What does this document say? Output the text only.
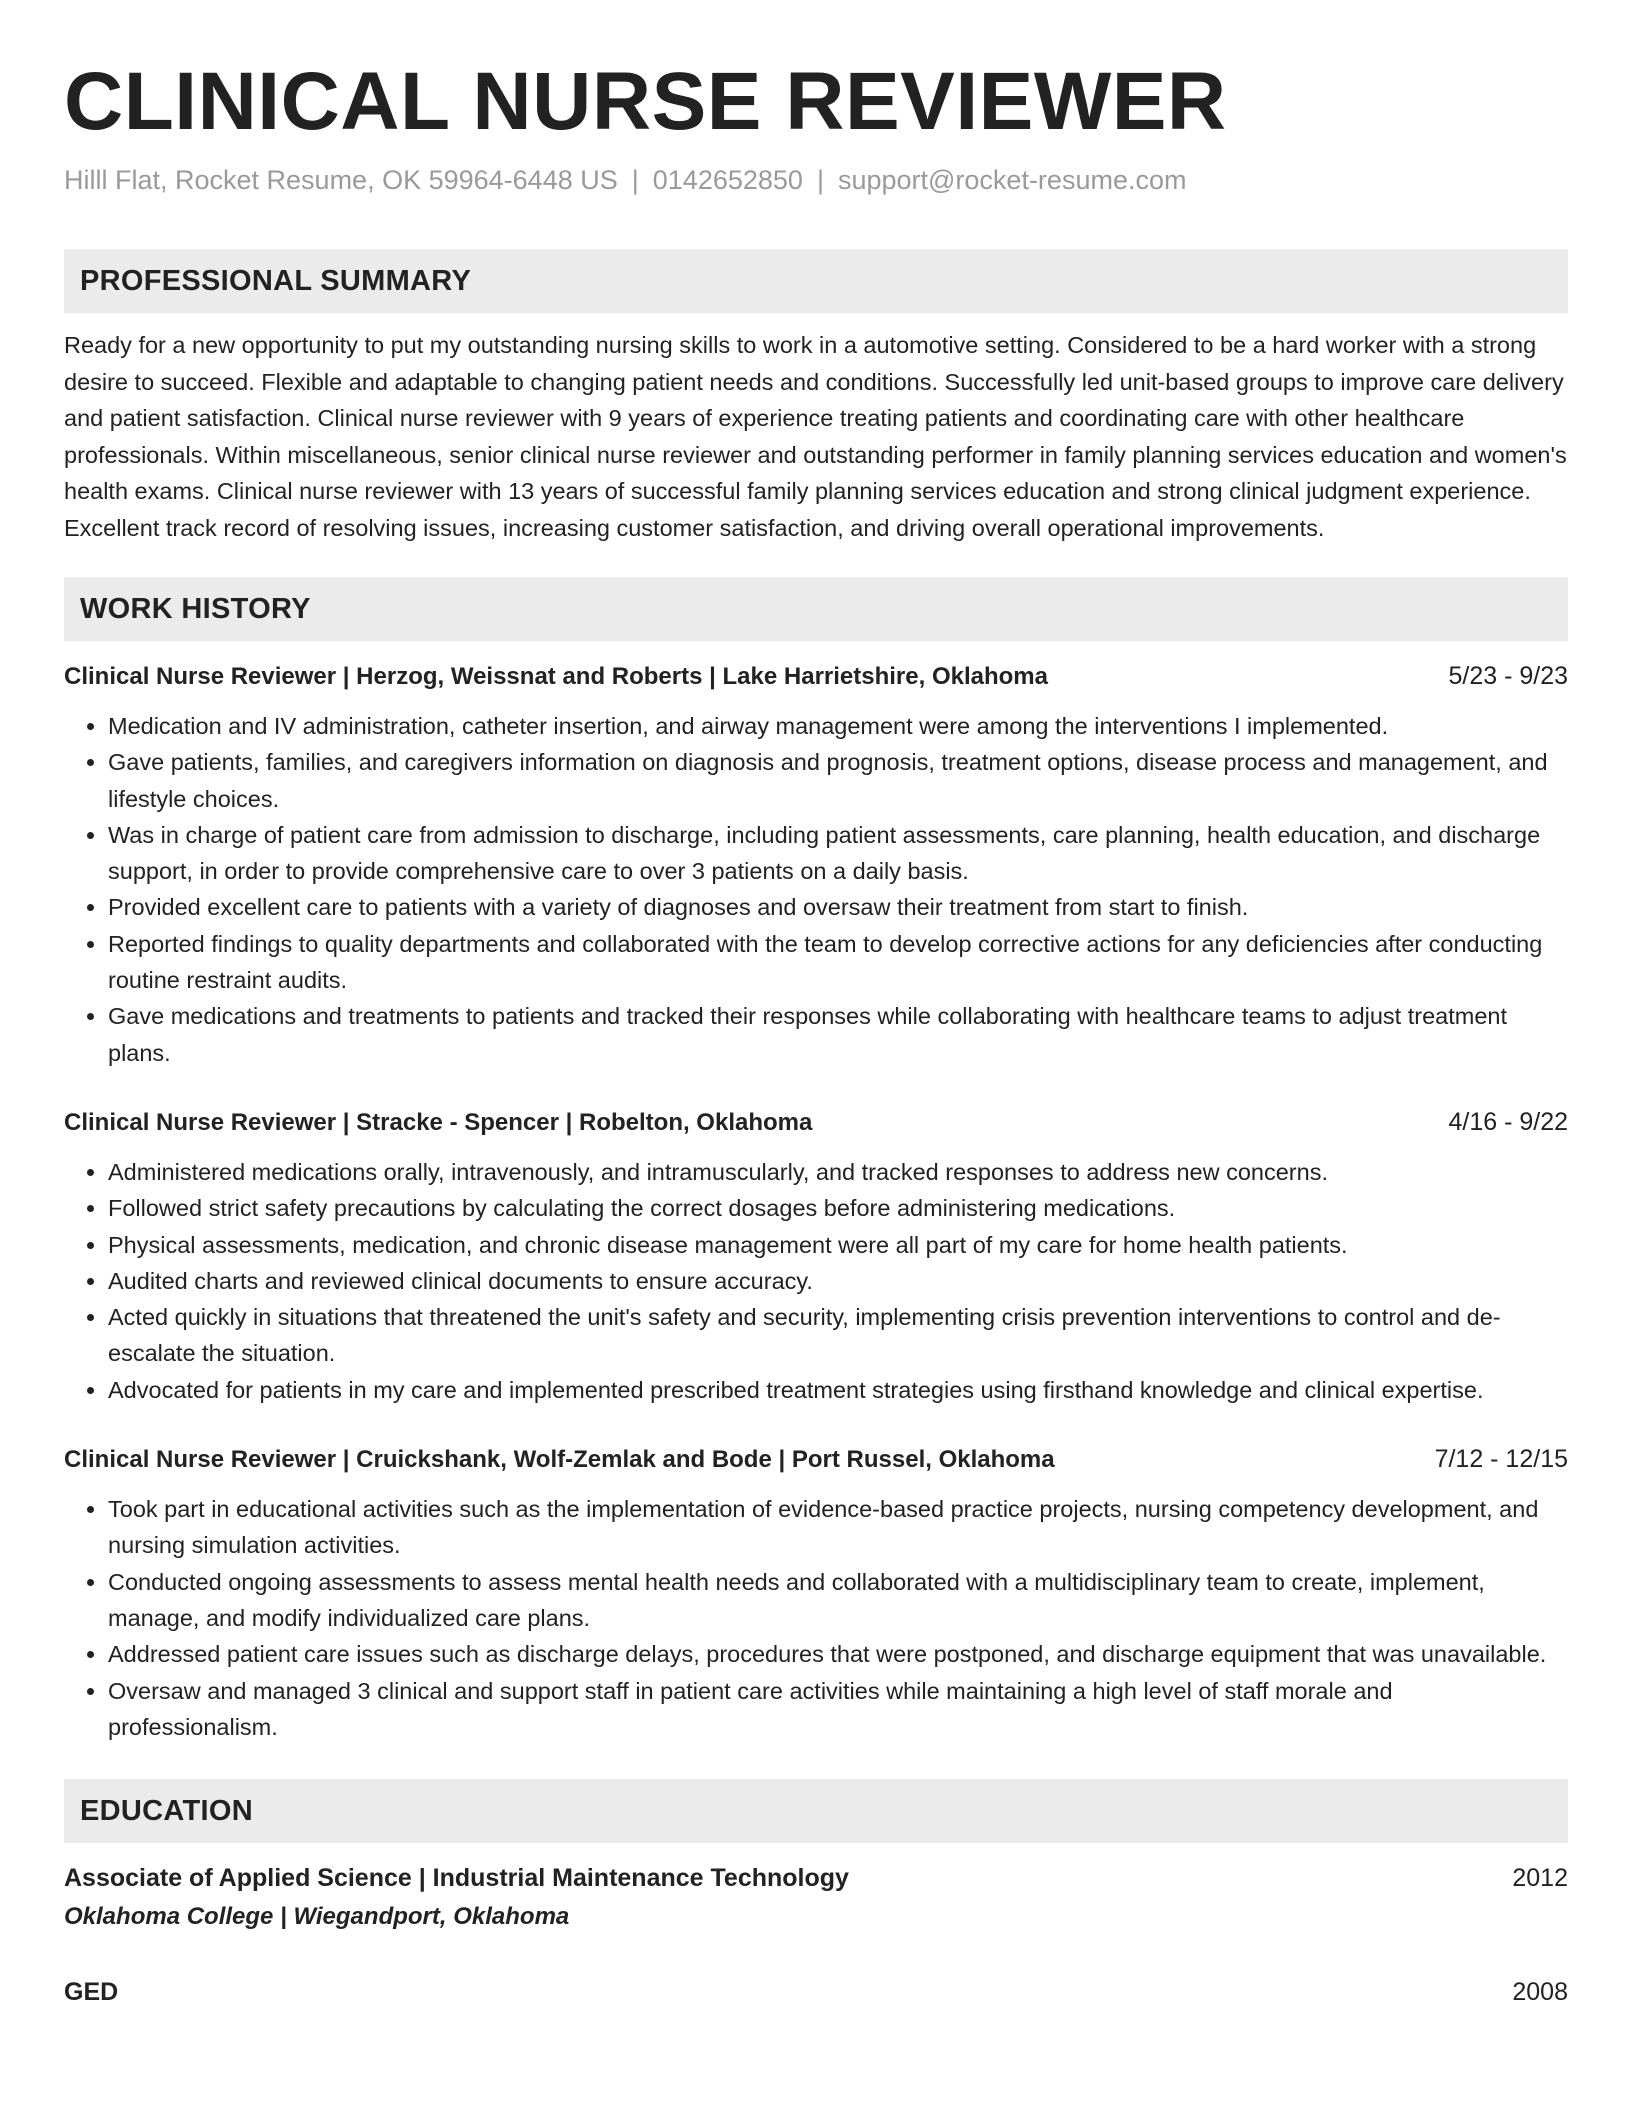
CLINICAL NURSE REVIEWER
Hilll Flat, Rocket Resume, OK 59964-6448 US | 0142652850 | support@rocket-resume.com
PROFESSIONAL SUMMARY
Ready for a new opportunity to put my outstanding nursing skills to work in a automotive setting. Considered to be a hard worker with a strong desire to succeed. Flexible and adaptable to changing patient needs and conditions. Successfully led unit-based groups to improve care delivery and patient satisfaction. Clinical nurse reviewer with 9 years of experience treating patients and coordinating care with other healthcare professionals. Within miscellaneous, senior clinical nurse reviewer and outstanding performer in family planning services education and women's health exams. Clinical nurse reviewer with 13 years of successful family planning services education and strong clinical judgment experience. Excellent track record of resolving issues, increasing customer satisfaction, and driving overall operational improvements.
WORK HISTORY
Clinical Nurse Reviewer | Herzog, Weissnat and Roberts | Lake Harrietshire, Oklahoma	5/23 - 9/23
• Medication and IV administration, catheter insertion, and airway management were among the interventions I implemented.
• Gave patients, families, and caregivers information on diagnosis and prognosis, treatment options, disease process and management, and lifestyle choices.
• Was in charge of patient care from admission to discharge, including patient assessments, care planning, health education, and discharge support, in order to provide comprehensive care to over 3 patients on a daily basis.
• Provided excellent care to patients with a variety of diagnoses and oversaw their treatment from start to finish.
• Reported findings to quality departments and collaborated with the team to develop corrective actions for any deficiencies after conducting routine restraint audits.
• Gave medications and treatments to patients and tracked their responses while collaborating with healthcare teams to adjust treatment plans.
Clinical Nurse Reviewer | Stracke - Spencer | Robelton, Oklahoma	4/16 - 9/22
• Administered medications orally, intravenously, and intramuscularly, and tracked responses to address new concerns.
• Followed strict safety precautions by calculating the correct dosages before administering medications.
• Physical assessments, medication, and chronic disease management were all part of my care for home health patients.
• Audited charts and reviewed clinical documents to ensure accuracy.
• Acted quickly in situations that threatened the unit's safety and security, implementing crisis prevention interventions to control and de-escalate the situation.
• Advocated for patients in my care and implemented prescribed treatment strategies using firsthand knowledge and clinical expertise.
Clinical Nurse Reviewer | Cruickshank, Wolf-Zemlak and Bode | Port Russel, Oklahoma	7/12 - 12/15
• Took part in educational activities such as the implementation of evidence-based practice projects, nursing competency development, and nursing simulation activities.
• Conducted ongoing assessments to assess mental health needs and collaborated with a multidisciplinary team to create, implement, manage, and modify individualized care plans.
• Addressed patient care issues such as discharge delays, procedures that were postponed, and discharge equipment that was unavailable.
• Oversaw and managed 3 clinical and support staff in patient care activities while maintaining a high level of staff morale and professionalism.
EDUCATION
Associate of Applied Science | Industrial Maintenance Technology	2012
Oklahoma College | Wiegandport, Oklahoma
GED	2008
